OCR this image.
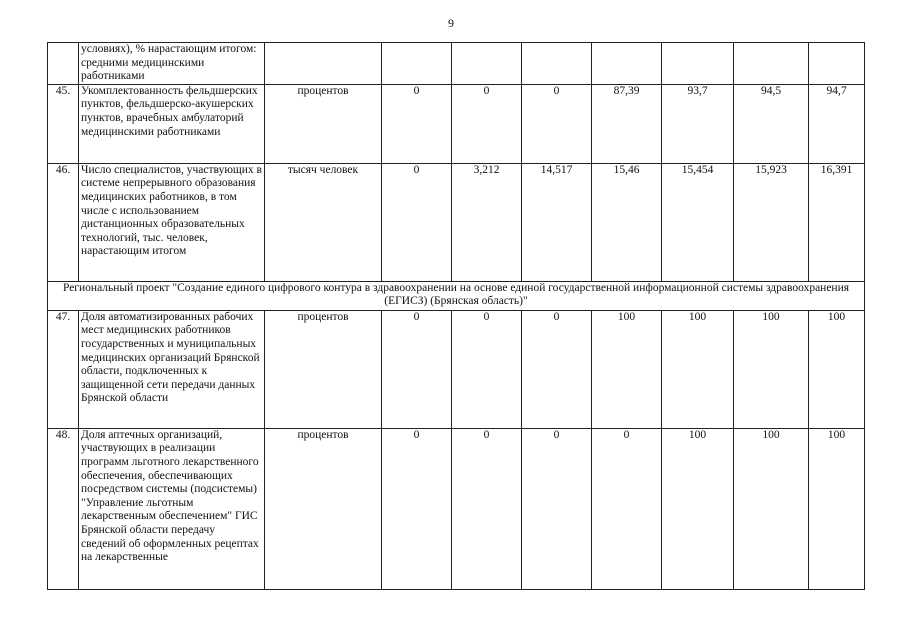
9
	условиях), % нарастающим итогом: средними медицинскими работниками								
45.	Укомплектованность фельдшерских пунктов, фельдшерско-акушерских пунктов, врачебных амбулаторий медицинскими работниками	процентов	0	0	0	87,39	93,7	94,5	94,7
46.	Число специалистов, участвующих в системе непрерывного образования медицинских работников, в том числе с использованием дистанционных образовательных технологий, тыс. человек, нарастающим итогом	тысяч человек	0	3,212	14,517	15,46	15,454	15,923	16,391
Региональный проект "Создание единого цифрового контура в здравоохранении на основе единой государственной информационной системы здравоохранения (ЕГИСЗ) (Брянская область)"									
47.	Доля автоматизированных рабочих мест медицинских работников государственных и муниципальных медицинских организаций Брянской области, подключенных к защищенной сети передачи данных Брянской области	процентов	0	0	0	100	100	100	100
48.	Доля аптечных организаций, участвующих в реализации программ льготного лекарственного обеспечения, обеспечивающих посредством системы (подсистемы) "Управление льготным лекарственным обеспечением" ГИС Брянской области передачу сведений об оформленных рецептах на лекарственные	процентов	0	0	0	0	100	100	100
